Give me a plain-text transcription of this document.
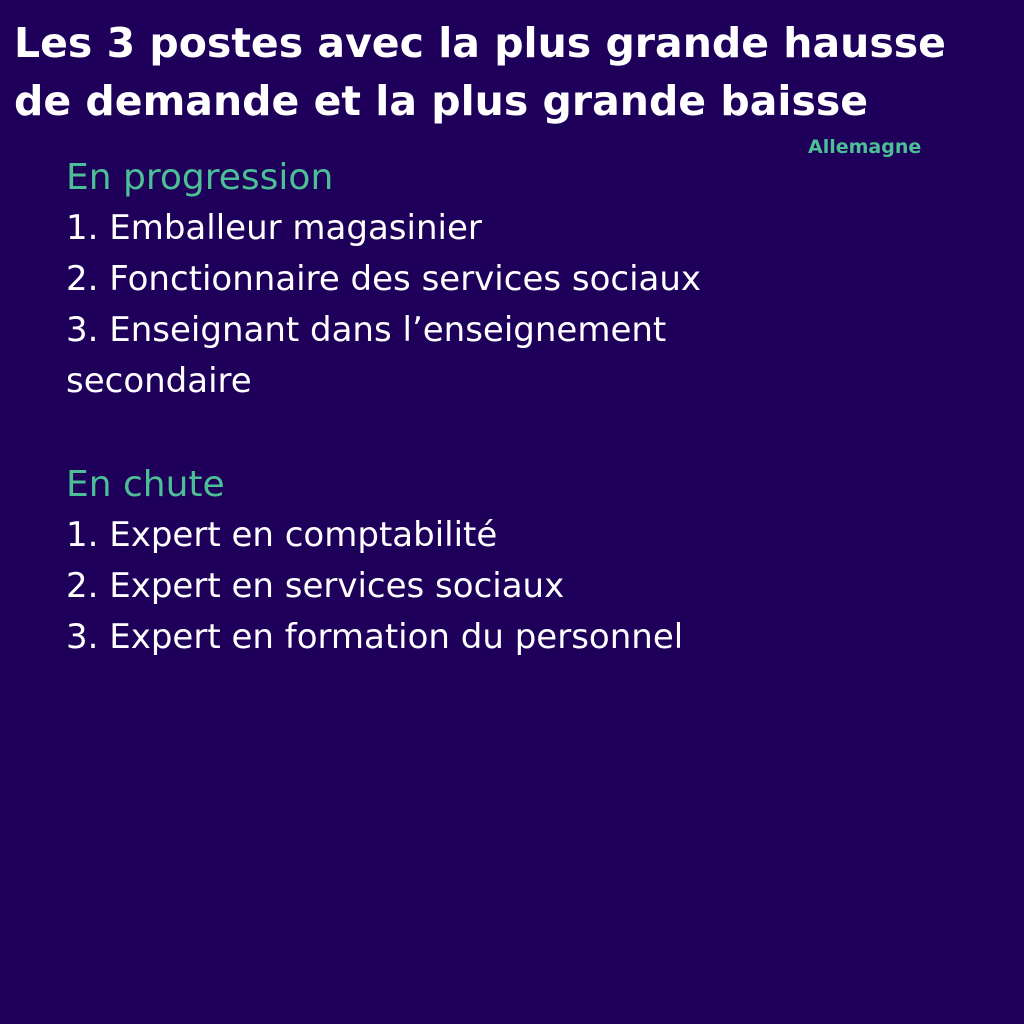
Les 3 postes avec la plus grande hausse
de demande et la plus grande baisse
Allemagne
En progression
1. Emballeur magasinier
2. Fonctionnaire des services sociaux
3. Enseignant dans l’enseignement secondaire
En chute
1. Expert en comptabilité
2. Expert en services sociaux
3. Expert en formation du personnel
